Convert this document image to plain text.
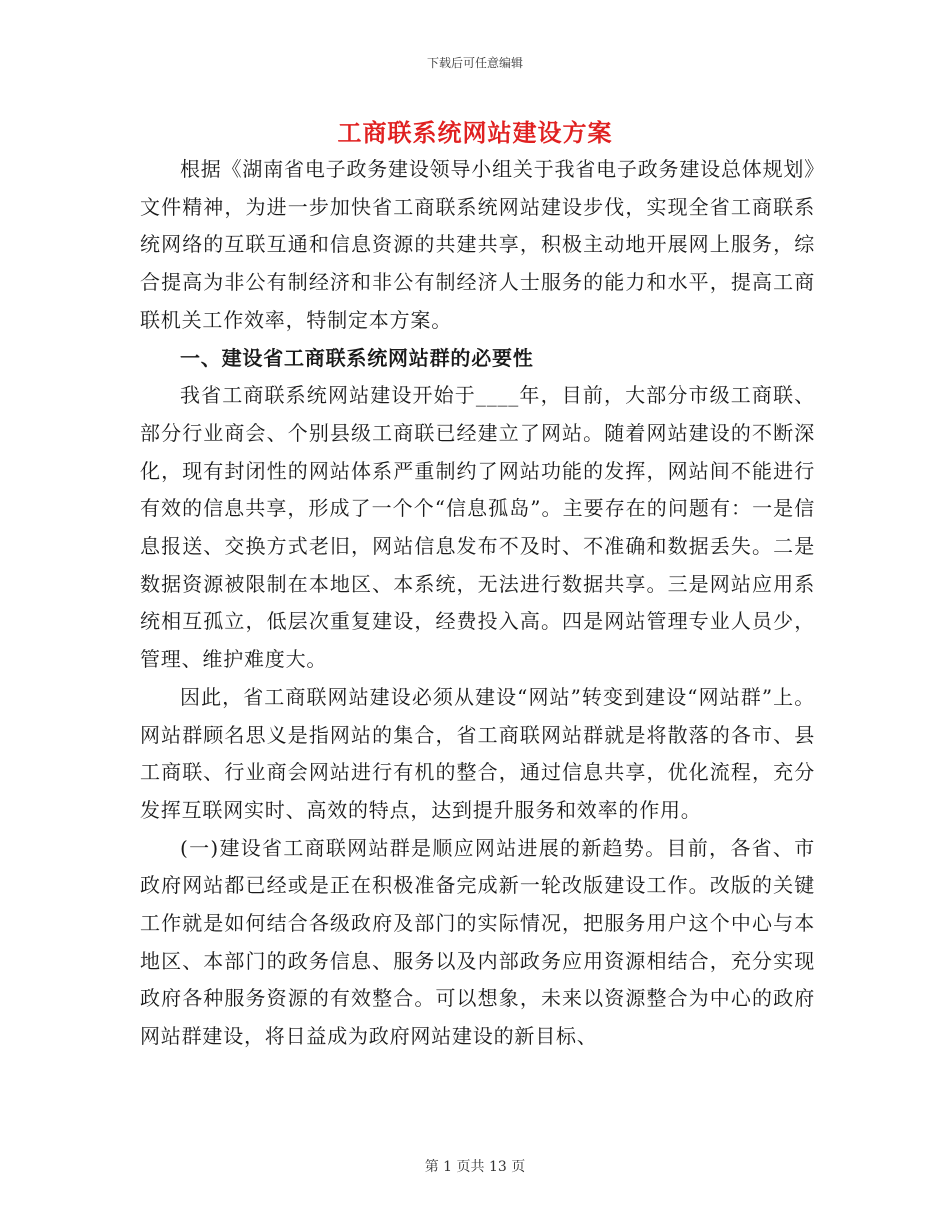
下载后可任意编辑
工商联系统网站建设方案

根据《湖南省电子政务建设领导小组关于我省电子政务建设总体规划》文件精神，为进一步加快省工商联系统网站建设步伐，实现全省工商联系统网络的互联互通和信息资源的共建共享，积极主动地开展网上服务，综合提高为非公有制经济和非公有制经济人士服务的能力和水平，提高工商联机关工作效率，特制定本方案。

一、建设省工商联系统网站群的必要性

我省工商联系统网站建设开始于____年，目前，大部分市级工商联、部分行业商会、个别县级工商联已经建立了网站。随着网站建设的不断深化，现有封闭性的网站体系严重制约了网站功能的发挥，网站间不能进行有效的信息共享，形成了一个个“信息孤岛”。主要存在的问题有：一是信息报送、交换方式老旧，网站信息发布不及时、不准确和数据丢失。二是数据资源被限制在本地区、本系统，无法进行数据共享。三是网站应用系统相互孤立，低层次重复建设，经费投入高。四是网站管理专业人员少，管理、维护难度大。

因此，省工商联网站建设必须从建设“网站”转变到建设“网站群”上。网站群顾名思义是指网站的集合，省工商联网站群就是将散落的各市、县工商联、行业商会网站进行有机的整合，通过信息共享，优化流程，充分发挥互联网实时、高效的特点，达到提升服务和效率的作用。

(一)建设省工商联网站群是顺应网站进展的新趋势。目前，各省、市政府网站都已经或是正在积极准备完成新一轮改版建设工作。改版的关键工作就是如何结合各级政府及部门的实际情况，把服务用户这个中心与本地区、本部门的政务信息、服务以及内部政务应用资源相结合，充分实现政府各种服务资源的有效整合。可以想象，未来以资源整合为中心的政府网站群建设，将日益成为政府网站建设的新目标、

第 1 页共 13 页
